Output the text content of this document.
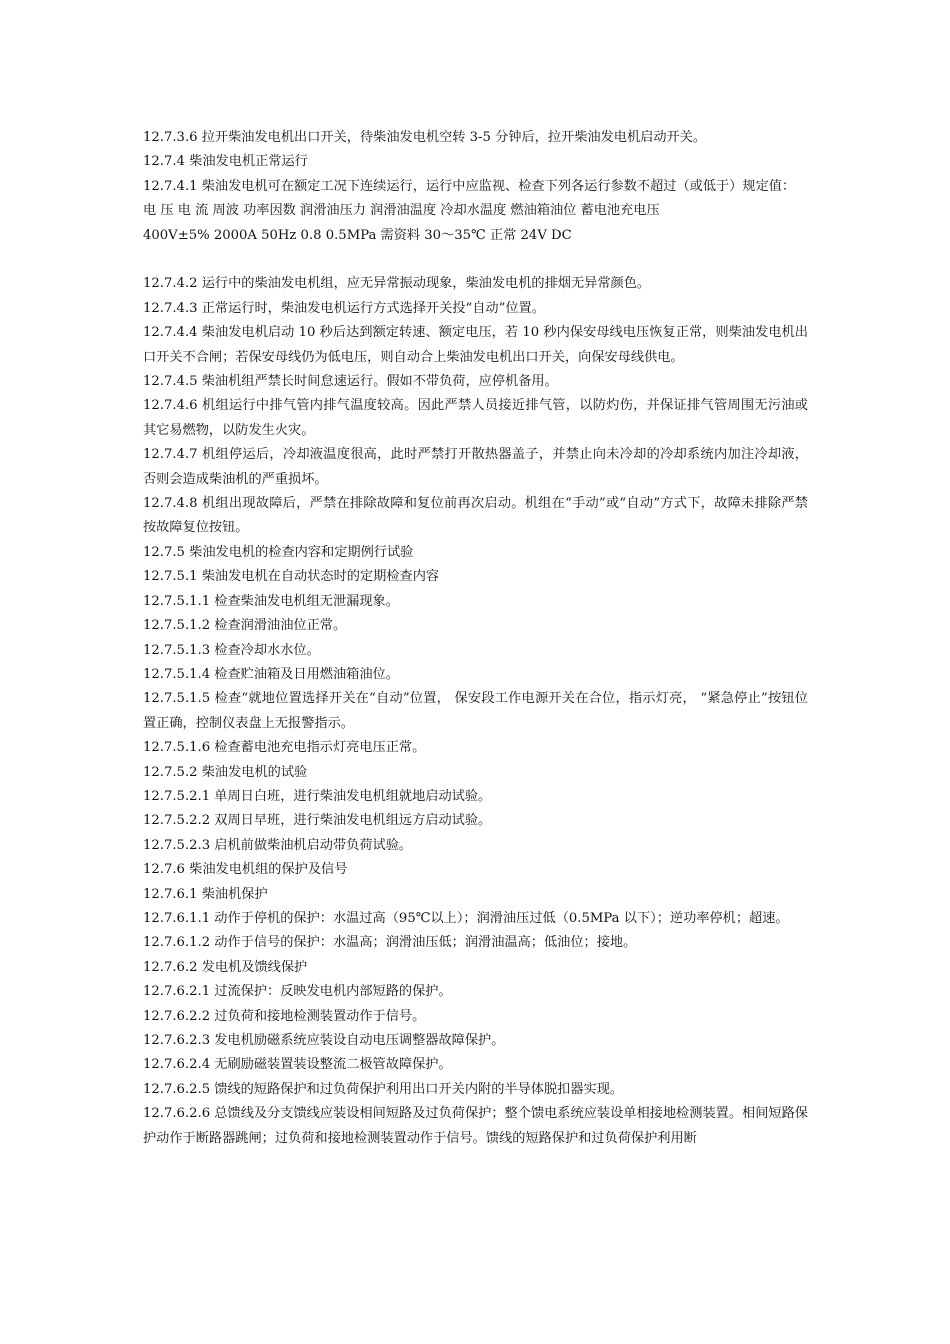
12.7.3.6 拉开柴油发电机出口开关，待柴油发电机空转 3-5 分钟后，拉开柴油发电机启动开关。

12.7.4 柴油发电机正常运行

12.7.4.1 柴油发电机可在额定工况下连续运行，运行中应监视、检查下列各运行参数不超过（或低于）规定值：

电 压 电 流 周波 功率因数 润滑油压力 润滑油温度 冷却水温度 燃油箱油位 蓄电池充电压

400V±5% 2000A 50Hz 0.8 0.5MPa 需资料 30～35℃ 正常 24V DC

12.7.4.2 运行中的柴油发电机组，应无异常振动现象，柴油发电机的排烟无异常颜色。

12.7.4.3 正常运行时，柴油发电机运行方式选择开关投“自动”位置。

12.7.4.4 柴油发电机启动 10 秒后达到额定转速、额定电压，若 10 秒内保安母线电压恢复正常，则柴油发电机出口开关不合闸；若保安母线仍为低电压，则自动合上柴油发电机出口开关，向保安母线供电。

12.7.4.5 柴油机组严禁长时间怠速运行。假如不带负荷，应停机备用。

12.7.4.6 机组运行中排气管内排气温度较高。因此严禁人员接近排气管，以防灼伤，并保证排气管周围无污油或其它易燃物，以防发生火灾。

12.7.4.7 机组停运后，冷却液温度很高，此时严禁打开散热器盖子，并禁止向未冷却的冷却系统内加注冷却液，否则会造成柴油机的严重损坏。

12.7.4.8 机组出现故障后，严禁在排除故障和复位前再次启动。机组在“手动”或“自动”方式下，故障未排除严禁按故障复位按钮。

12.7.5 柴油发电机的检查内容和定期例行试验

12.7.5.1 柴油发电机在自动状态时的定期检查内容

12.7.5.1.1 检查柴油发电机组无泄漏现象。

12.7.5.1.2 检查润滑油油位正常。

12.7.5.1.3 检查冷却水水位。

12.7.5.1.4 检查贮油箱及日用燃油箱油位。

12.7.5.1.5 检查“就地位置选择开关在“自动”位置， 保安段工作电源开关在合位，指示灯亮， “紧急停止”按钮位置正确，控制仪表盘上无报警指示。

12.7.5.1.6 检查蓄电池充电指示灯亮电压正常。

12.7.5.2 柴油发电机的试验

12.7.5.2.1 单周日白班，进行柴油发电机组就地启动试验。

12.7.5.2.2 双周日早班，进行柴油发电机组远方启动试验。

12.7.5.2.3 启机前做柴油机启动带负荷试验。

12.7.6 柴油发电机组的保护及信号

12.7.6.1 柴油机保护

12.7.6.1.1 动作于停机的保护：水温过高（95℃以上）；润滑油压过低（0.5MPa 以下）；逆功率停机；超速。

12.7.6.1.2 动作于信号的保护：水温高；润滑油压低；润滑油温高；低油位；接地。

12.7.6.2 发电机及馈线保护

12.7.6.2.1 过流保护：反映发电机内部短路的保护。

12.7.6.2.2 过负荷和接地检测装置动作于信号。

12.7.6.2.3 发电机励磁系统应装设自动电压调整器故障保护。

12.7.6.2.4 无刷励磁装置装设整流二极管故障保护。

12.7.6.2.5 馈线的短路保护和过负荷保护利用出口开关内附的半导体脱扣器实现。

12.7.6.2.6 总馈线及分支馈线应装设相间短路及过负荷保护；整个馈电系统应装设单相接地检测装置。相间短路保护动作于断路器跳闸；过负荷和接地检测装置动作于信号。馈线的短路保护和过负荷保护利用断
